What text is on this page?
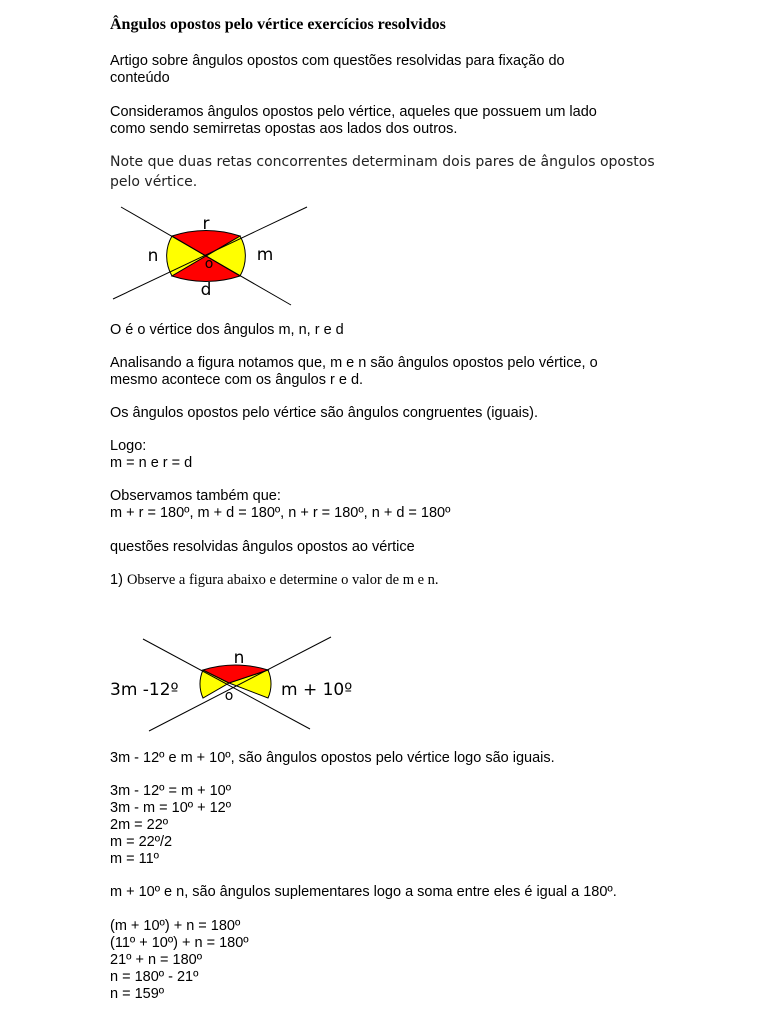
Ângulos opostos pelo vértice exercícios resolvidos
Artigo sobre ângulos opostos com questões resolvidas para fixação do
conteúdo
Consideramos ângulos opostos pelo vértice, aqueles que possuem um lado
como sendo semirretas opostas aos lados dos outros.
Note que duas retas concorrentes determinam dois pares de ângulos opostos
pelo vértice.
r
n	m
o
d
O é o vértice dos ângulos m, n, r e d
Analisando a figura notamos que, m e n são ângulos opostos pelo vértice, o
mesmo acontece com os ângulos r e d.
Os ângulos opostos pelo vértice são ângulos congruentes (iguais).
Logo:
m = n e r = d
Observamos também que:
m + r = 180º, m + d = 180º, n + r = 180º, n + d = 180º
questões resolvidas ângulos opostos ao vértice
1) Observe a figura abaixo e determine o valor de m e n.
n
3m -12º	m + 10º
o
3m - 12º e m + 10º, são ângulos opostos pelo vértice logo são iguais.
3m - 12º = m + 10º
3m - m = 10º + 12º
2m = 22º
m = 22º/2
m = 11º
m + 10º e n, são ângulos suplementares logo a soma entre eles é igual a 180º.
(m + 10º) + n = 180º
(11º + 10º) + n = 180º
21º + n = 180º
n = 180º - 21º
n = 159º
